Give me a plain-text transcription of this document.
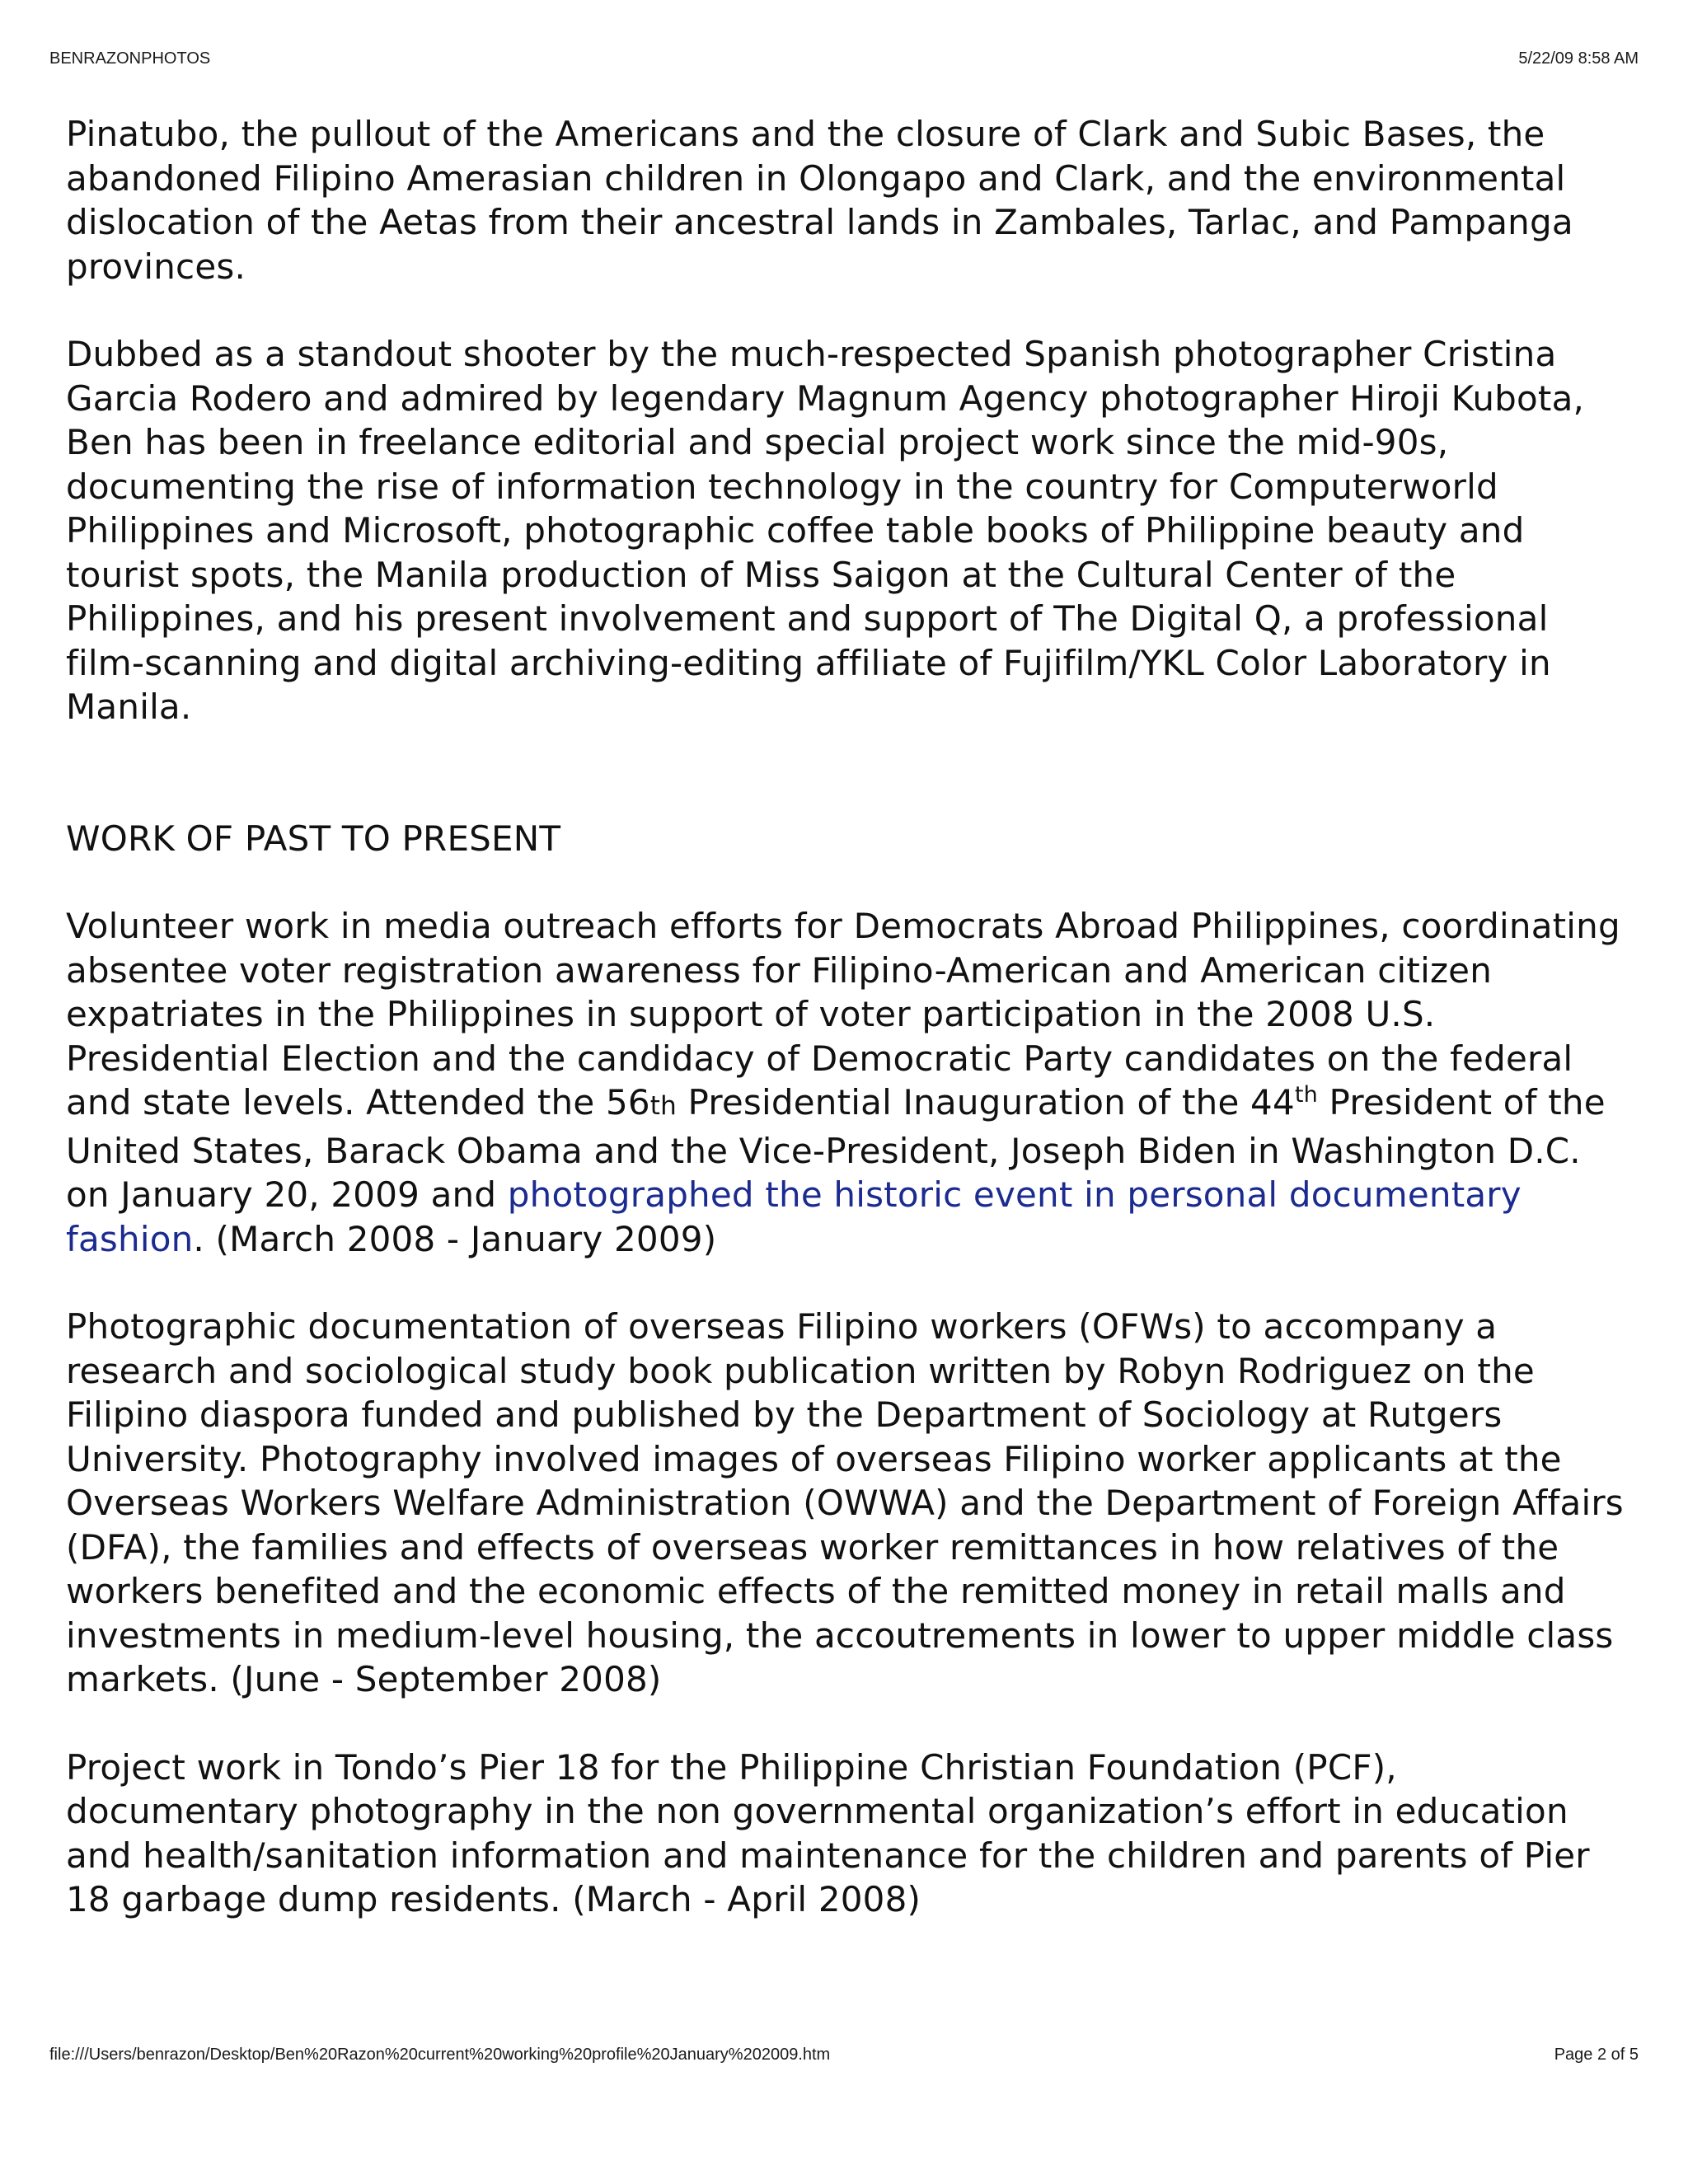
BENRAZONPHOTOS	5/22/09 8:58 AM

Pinatubo, the pullout of the Americans and the closure of Clark and Subic Bases, the abandoned Filipino Amerasian children in Olongapo and Clark, and the environmental dislocation of the Aetas from their ancestral lands in Zambales, Tarlac, and Pampanga provinces.

Dubbed as a standout shooter by the much-respected Spanish photographer Cristina Garcia Rodero and admired by legendary Magnum Agency photographer Hiroji Kubota, Ben has been in freelance editorial and special project work since the mid-90s, documenting the rise of information technology in the country for Computerworld Philippines and Microsoft, photographic coffee table books of Philippine beauty and tourist spots, the Manila production of Miss Saigon at the Cultural Center of the Philippines, and his present involvement and support of The Digital Q, a professional film-scanning and digital archiving-editing affiliate of Fujifilm/YKL Color Laboratory in Manila.

WORK OF PAST TO PRESENT

Volunteer work in media outreach efforts for Democrats Abroad Philippines, coordinating absentee voter registration awareness for Filipino-American and American citizen expatriates in the Philippines in support of voter participation in the 2008 U.S. Presidential Election and the candidacy of Democratic Party candidates on the federal and state levels. Attended the 56th Presidential Inauguration of the 44th President of the United States, Barack Obama and the Vice-President, Joseph Biden in Washington D.C. on January 20, 2009 and photographed the historic event in personal documentary fashion. (March 2008 - January 2009)

Photographic documentation of overseas Filipino workers (OFWs) to accompany a research and sociological study book publication written by Robyn Rodriguez on the Filipino diaspora funded and published by the Department of Sociology at Rutgers University. Photography involved images of overseas Filipino worker applicants at the Overseas Workers Welfare Administration (OWWA) and the Department of Foreign Affairs (DFA), the families and effects of overseas worker remittances in how relatives of the workers benefited and the economic effects of the remitted money in retail malls and investments in medium-level housing, the accoutrements in lower to upper middle class markets. (June - September 2008)

Project work in Tondo’s Pier 18 for the Philippine Christian Foundation (PCF), documentary photography in the non governmental organization’s effort in education and health/sanitation information and maintenance for the children and parents of Pier 18 garbage dump residents. (March - April 2008)

file:///Users/benrazon/Desktop/Ben%20Razon%20current%20working%20profile%20January%202009.htm	Page 2 of 5
